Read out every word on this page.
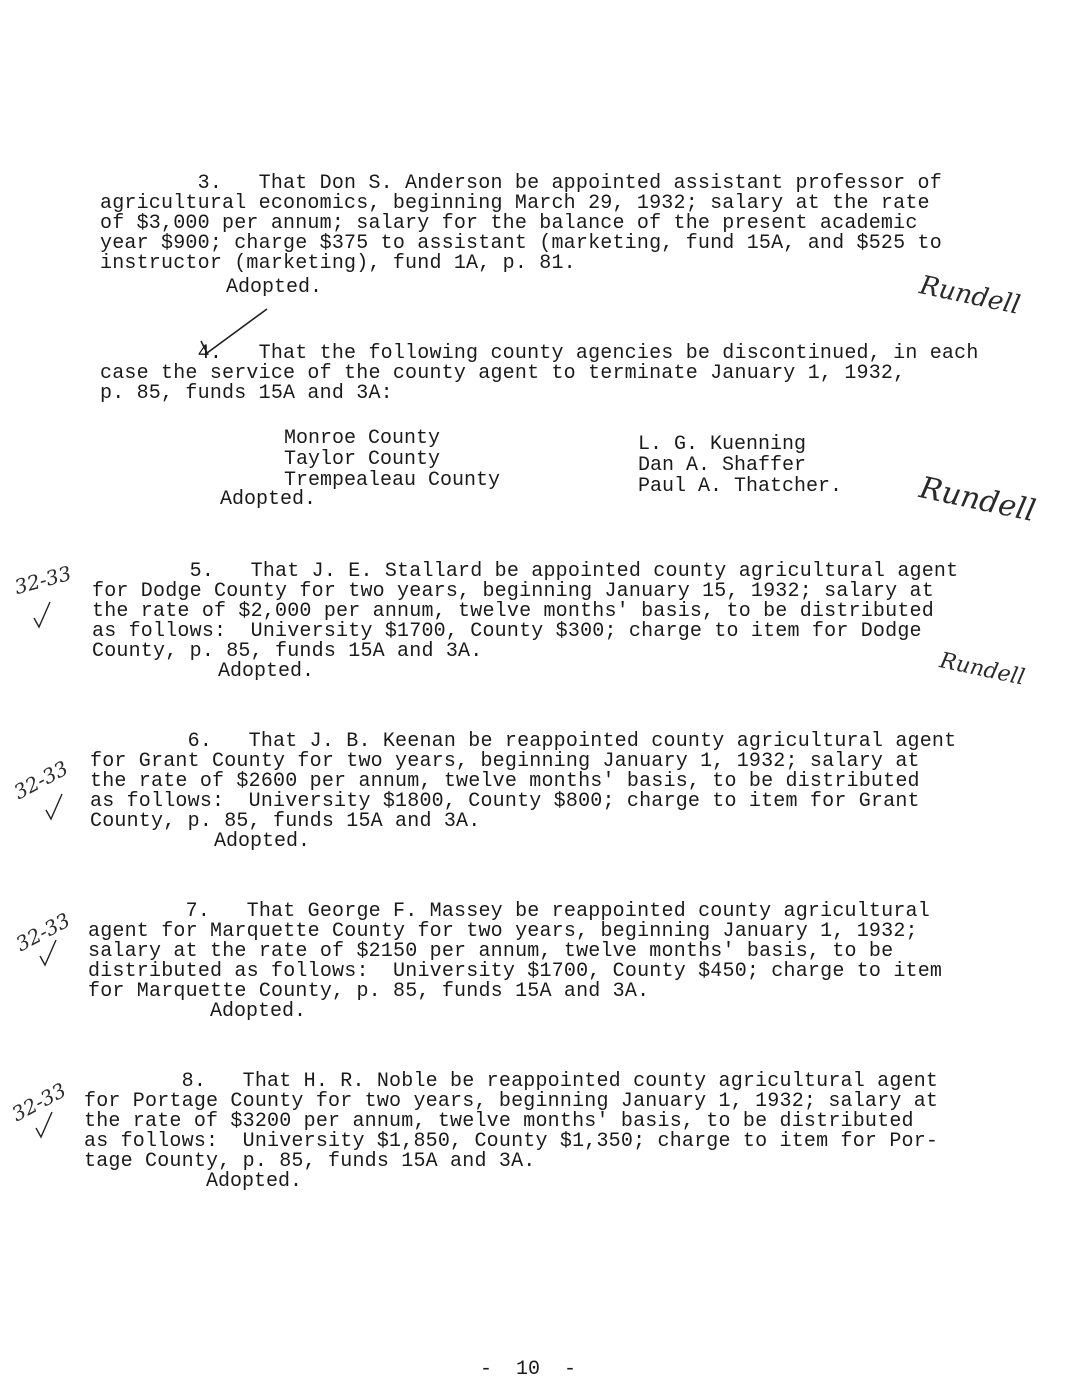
3.   That Don S. Anderson be appointed assistant professor of
agricultural economics, beginning March 29, 1932; salary at the rate
of $3,000 per annum; salary for the balance of the present academic
year $900; charge $375 to assistant (marketing, fund 15A, and $525 to
instructor (marketing), fund 1A, p. 81.
Adopted.	Rundell
4.   That the following county agencies be discontinued, in each
case the service of the county agent to terminate January 1, 1932,
p. 85, funds 15A and 3A:
Monroe County
Taylor County
Trempealeau County
L. G. Kuenning
Dan A. Shaffer
Paul A. Thatcher.
Adopted.	Rundell
5.   That J. E. Stallard be appointed county agricultural agent
for Dodge County for two years, beginning January 15, 1932; salary at
the rate of $2,000 per annum, twelve months' basis, to be distributed
as follows:  University $1700, County $300; charge to item for Dodge
County, p. 85, funds 15A and 3A.
Adopted.
32-33
Rundell
6.   That J. B. Keenan be reappointed county agricultural agent
for Grant County for two years, beginning January 1, 1932; salary at
the rate of $2600 per annum, twelve months' basis, to be distributed
as follows:  University $1800, County $800; charge to item for Grant
County, p. 85, funds 15A and 3A.
Adopted.
32-33
7.   That George F. Massey be reappointed county agricultural
agent for Marquette County for two years, beginning January 1, 1932;
salary at the rate of $2150 per annum, twelve months' basis, to be
distributed as follows:  University $1700, County $450; charge to item
for Marquette County, p. 85, funds 15A and 3A.
Adopted.
32-33
8.   That H. R. Noble be reappointed county agricultural agent
for Portage County for two years, beginning January 1, 1932; salary at
the rate of $3200 per annum, twelve months' basis, to be distributed
as follows:  University $1,850, County $1,350; charge to item for Por-
tage County, p. 85, funds 15A and 3A.
Adopted.
32-33
-  10  -
